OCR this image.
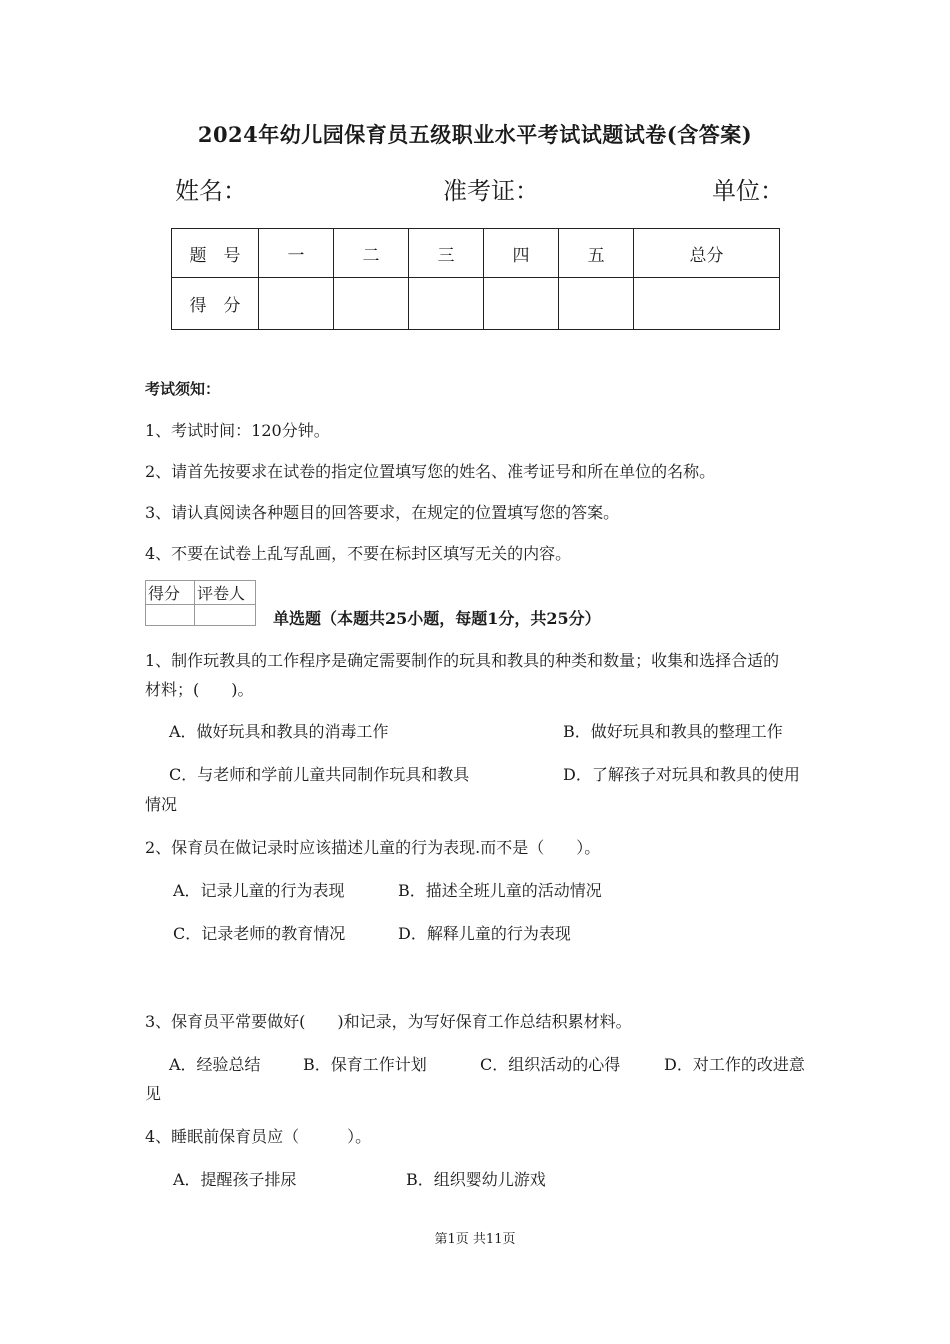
2024年幼儿园保育员五级职业水平考试试题试卷(含答案)
姓名：	准考证：	单位：
题　号	一	二	三	四	五	总分
得　分						
考试须知：
1、考试时间：120分钟。
2、请首先按要求在试卷的指定位置填写您的姓名、准考证号和所在单位的名称。
3、请认真阅读各种题目的回答要求，在规定的位置填写您的答案。
4、不要在试卷上乱写乱画，不要在标封区填写无关的内容。
得分	评卷人

单选题（本题共25小题，每题1分，共25分）
1、制作玩教具的工作程序是确定需要制作的玩具和教具的种类和数量；收集和选择合适的
材料；(　　)。
A．做好玩具和教具的消毒工作	B．做好玩具和教具的整理工作
C．与老师和学前儿童共同制作玩具和教具	D．了解孩子对玩具和教具的使用
情况
2、保育员在做记录时应该描述儿童的行为表现.而不是（　　）。
A．记录儿童的行为表现	B．描述全班儿童的活动情况
C．记录老师的教育情况	D．解释儿童的行为表现
3、保育员平常要做好(　　)和记录，为写好保育工作总结积累材料。
A．经验总结	B．保育工作计划	C．组织活动的心得	D．对工作的改进意
见
4、睡眠前保育员应（　　　）。
A．提醒孩子排尿	B．组织婴幼儿游戏
第1页 共11页
